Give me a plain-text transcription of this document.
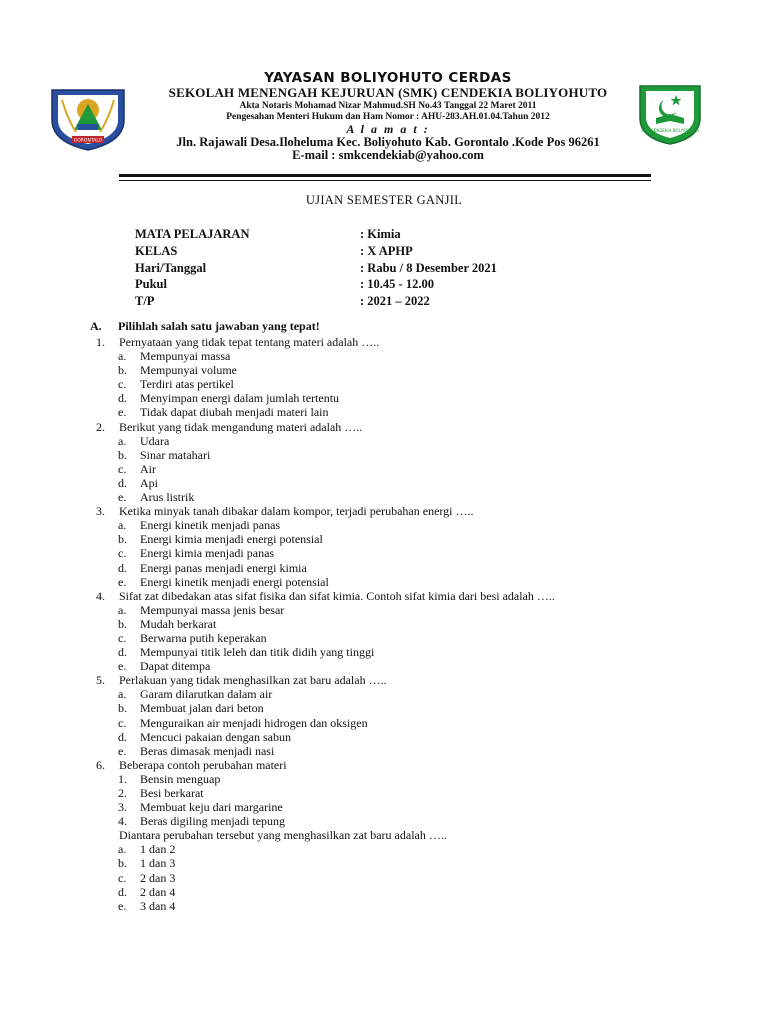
GORONTALO
SMK CENDEKIA BOLIYOHUTO
YAYASAN BOLIYOHUTO CERDAS
SEKOLAH MENENGAH KEJURUAN (SMK) CENDEKIA BOLIYOHUTO
Akta Notaris Mohamad Nizar Mahmud.SH No.43 Tanggal 22 Maret 2011
Pengesahan Menteri Hukum dan Ham Nomor : AHU-283.AH.01.04.Tahun 2012
A l a m a t :
Jln. Rajawali Desa.Iloheluma Kec. Boliyohuto Kab. Gorontalo .Kode Pos 96261
E-mail : smkcendekiab@yahoo.com
UJIAN SEMESTER GANJIL
MATA PELAJARAN	: Kimia
KELAS	: X APHP
Hari/Tanggal	: Rabu / 8 Desember 2021
Pukul	: 10.45 - 12.00
T/P	: 2021 – 2022
A. Pilihlah salah satu jawaban yang tepat!
1. Pernyataan yang tidak tepat tentang materi adalah …..
a. Mempunyai massa
b. Mempunyai volume
c. Terdiri atas pertikel
d. Menyimpan energi dalam jumlah tertentu
e. Tidak dapat diubah menjadi materi lain
2. Berikut yang tidak mengandung materi adalah …..
a. Udara
b. Sinar matahari
c. Air
d. Api
e. Arus listrik
3. Ketika minyak tanah dibakar dalam kompor, terjadi perubahan energi …..
a. Energi kinetik menjadi panas
b. Energi kimia menjadi energi potensial
c. Energi kimia menjadi panas
d. Energi panas menjadi energi kimia
e. Energi kinetik menjadi energi potensial
4. Sifat zat dibedakan atas sifat fisika dan sifat kimia. Contoh sifat kimia dari besi adalah …..
a. Mempunyai massa jenis besar
b. Mudah berkarat
c. Berwarna putih keperakan
d. Mempunyai titik leleh dan titik didih yang tinggi
e. Dapat ditempa
5. Perlakuan yang tidak menghasilkan zat baru adalah …..
a. Garam dilarutkan dalam air
b. Membuat jalan dari beton
c. Menguraikan air menjadi hidrogen dan oksigen
d. Mencuci pakaian dengan sabun
e. Beras dimasak menjadi nasi
6. Beberapa contoh perubahan materi
1. Bensin menguap
2. Besi berkarat
3. Membuat keju dari margarine
4. Beras digiling menjadi tepung
Diantara perubahan tersebut yang menghasilkan zat baru adalah …..
a. 1 dan 2
b. 1 dan 3
c. 2 dan 3
d. 2 dan 4
e. 3 dan 4
